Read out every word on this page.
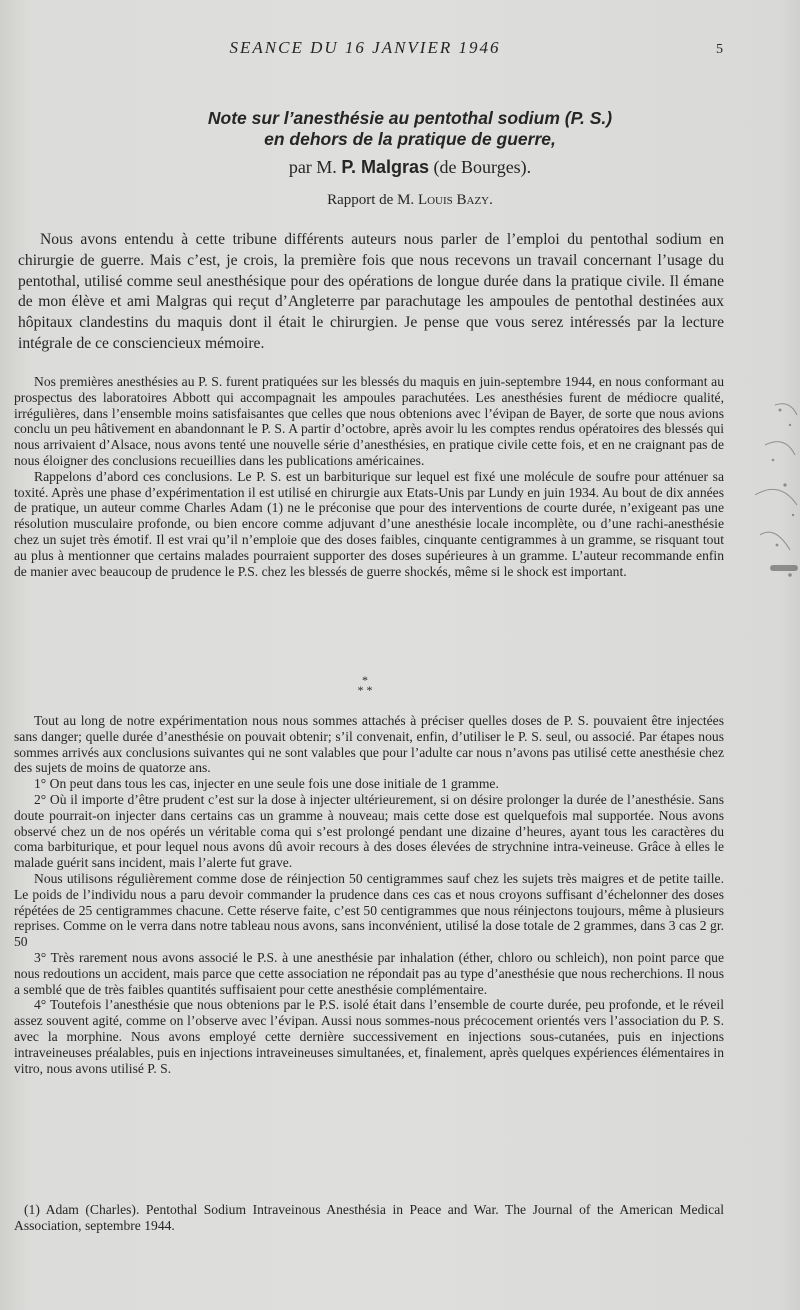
SEANCE DU 16 JANVIER 1946	5
Note sur l’anesthésie au pentothal sodium (P. S.)
en dehors de la pratique de guerre,
par M. P. Malgras (de Bourges).
Rapport de M. Louis Bazy.

Nous avons entendu à cette tribune différents auteurs nous parler de l’emploi du pentothal sodium en chirurgie de guerre. Mais c’est, je crois, la première fois que nous recevons un travail concernant l’usage du pentothal, utilisé comme seul anesthésique pour des opérations de longue durée dans la pratique civile. Il émane de mon élève et ami Malgras qui reçut d’Angleterre par parachutage les ampoules de pentothal destinées aux hôpitaux clandestins du maquis dont il était le chirurgien. Je pense que vous serez intéressés par la lecture intégrale de ce consciencieux mémoire.

Nos premières anesthésies au P. S. furent pratiquées sur les blessés du maquis en juin-septembre 1944, en nous conformant au prospectus des laboratoires Abbott qui accompagnait les ampoules parachutées. Les anesthésies furent de médiocre qualité, irrégulières, dans l’ensemble moins satisfaisantes que celles que nous obtenions avec l’évipan de Bayer, de sorte que nous avions conclu un peu hâtivement en abandonnant le P. S. A partir d’octobre, après avoir lu les comptes rendus opératoires des blessés qui nous arrivaient d’Alsace, nous avons tenté une nouvelle série d’anesthésies, en pratique civile cette fois, et en ne craignant pas de nous éloigner des conclusions recueillies dans les publications américaines.

Rappelons d’abord ces conclusions. Le P. S. est un barbiturique sur lequel est fixé une molécule de soufre pour atténuer sa toxité. Après une phase d’expérimentation il est utilisé en chirurgie aux Etats-Unis par Lundy en juin 1934. Au bout de dix années de pratique, un auteur comme Charles Adam (1) ne le préconise que pour des interventions de courte durée, n’exigeant pas une résolution musculaire profonde, ou bien encore comme adjuvant d’une anesthésie locale incomplète, ou d’une rachi-anesthésie chez un sujet très émotif. Il est vrai qu’il n’emploie que des doses faibles, cinquante centigrammes à un gramme, se risquant tout au plus à mentionner que certains malades pourraient supporter des doses supérieures à un gramme. L’auteur recommande enfin de manier avec beaucoup de prudence le P.S. chez les blessés de guerre shockés, même si le shock est important.

*
* *

Tout au long de notre expérimentation nous nous sommes attachés à préciser quelles doses de P. S. pouvaient être injectées sans danger; quelle durée d’anesthésie on pouvait obtenir; s’il convenait, enfin, d’utiliser le P. S. seul, ou associé. Par étapes nous sommes arrivés aux conclusions suivantes qui ne sont valables que pour l’adulte car nous n’avons pas utilisé cette anesthésie chez des sujets de moins de quatorze ans.

1° On peut dans tous les cas, injecter en une seule fois une dose initiale de 1 gramme.

2° Où il importe d’être prudent c’est sur la dose à injecter ultérieurement, si on désire prolonger la durée de l’anesthésie. Sans doute pourrait-on injecter dans certains cas un gramme à nouveau; mais cette dose est quelquefois mal supportée. Nous avons observé chez un de nos opérés un véritable coma qui s’est prolongé pendant une dizaine d’heures, ayant tous les caractères du coma barbiturique, et pour lequel nous avons dû avoir recours à des doses élevées de strychnine intra-veineuse. Grâce à elles le malade guérit sans incident, mais l’alerte fut grave.

Nous utilisons régulièrement comme dose de réinjection 50 centigrammes sauf chez les sujets très maigres et de petite taille. Le poids de l’individu nous a paru devoir commander la prudence dans ces cas et nous croyons suffisant d’échelonner des doses répétées de 25 centigrammes chacune. Cette réserve faite, c’est 50 centigrammes que nous réinjectons toujours, même à plusieurs reprises. Comme on le verra dans notre tableau nous avons, sans inconvénient, utilisé la dose totale de 2 grammes, dans 3 cas 2 gr. 50

3° Très rarement nous avons associé le P.S. à une anesthésie par inhalation (éther, chloro ou schleich), non point parce que nous redoutions un accident, mais parce que cette association ne répondait pas au type d’anesthésie que nous recherchions. Il nous a semblé que de très faibles quantités suffisaient pour cette anesthésie complémentaire.

4° Toutefois l’anesthésie que nous obtenions par le P.S. isolé était dans l’ensemble de courte durée, peu profonde, et le réveil assez souvent agité, comme on l’observe avec l’évipan. Aussi nous sommes-nous précocement orientés vers l’association du P. S. avec la morphine. Nous avons employé cette dernière successivement en injections sous-cutanées, puis en injections intraveineuses préalables, puis en injections intraveineuses simultanées, et, finalement, après quelques expériences élémentaires in vitro, nous avons utilisé P. S.

(1) Adam (Charles). Pentothal Sodium Intraveinous Anesthésia in Peace and War. The Journal of the American Medical Association, septembre 1944.
